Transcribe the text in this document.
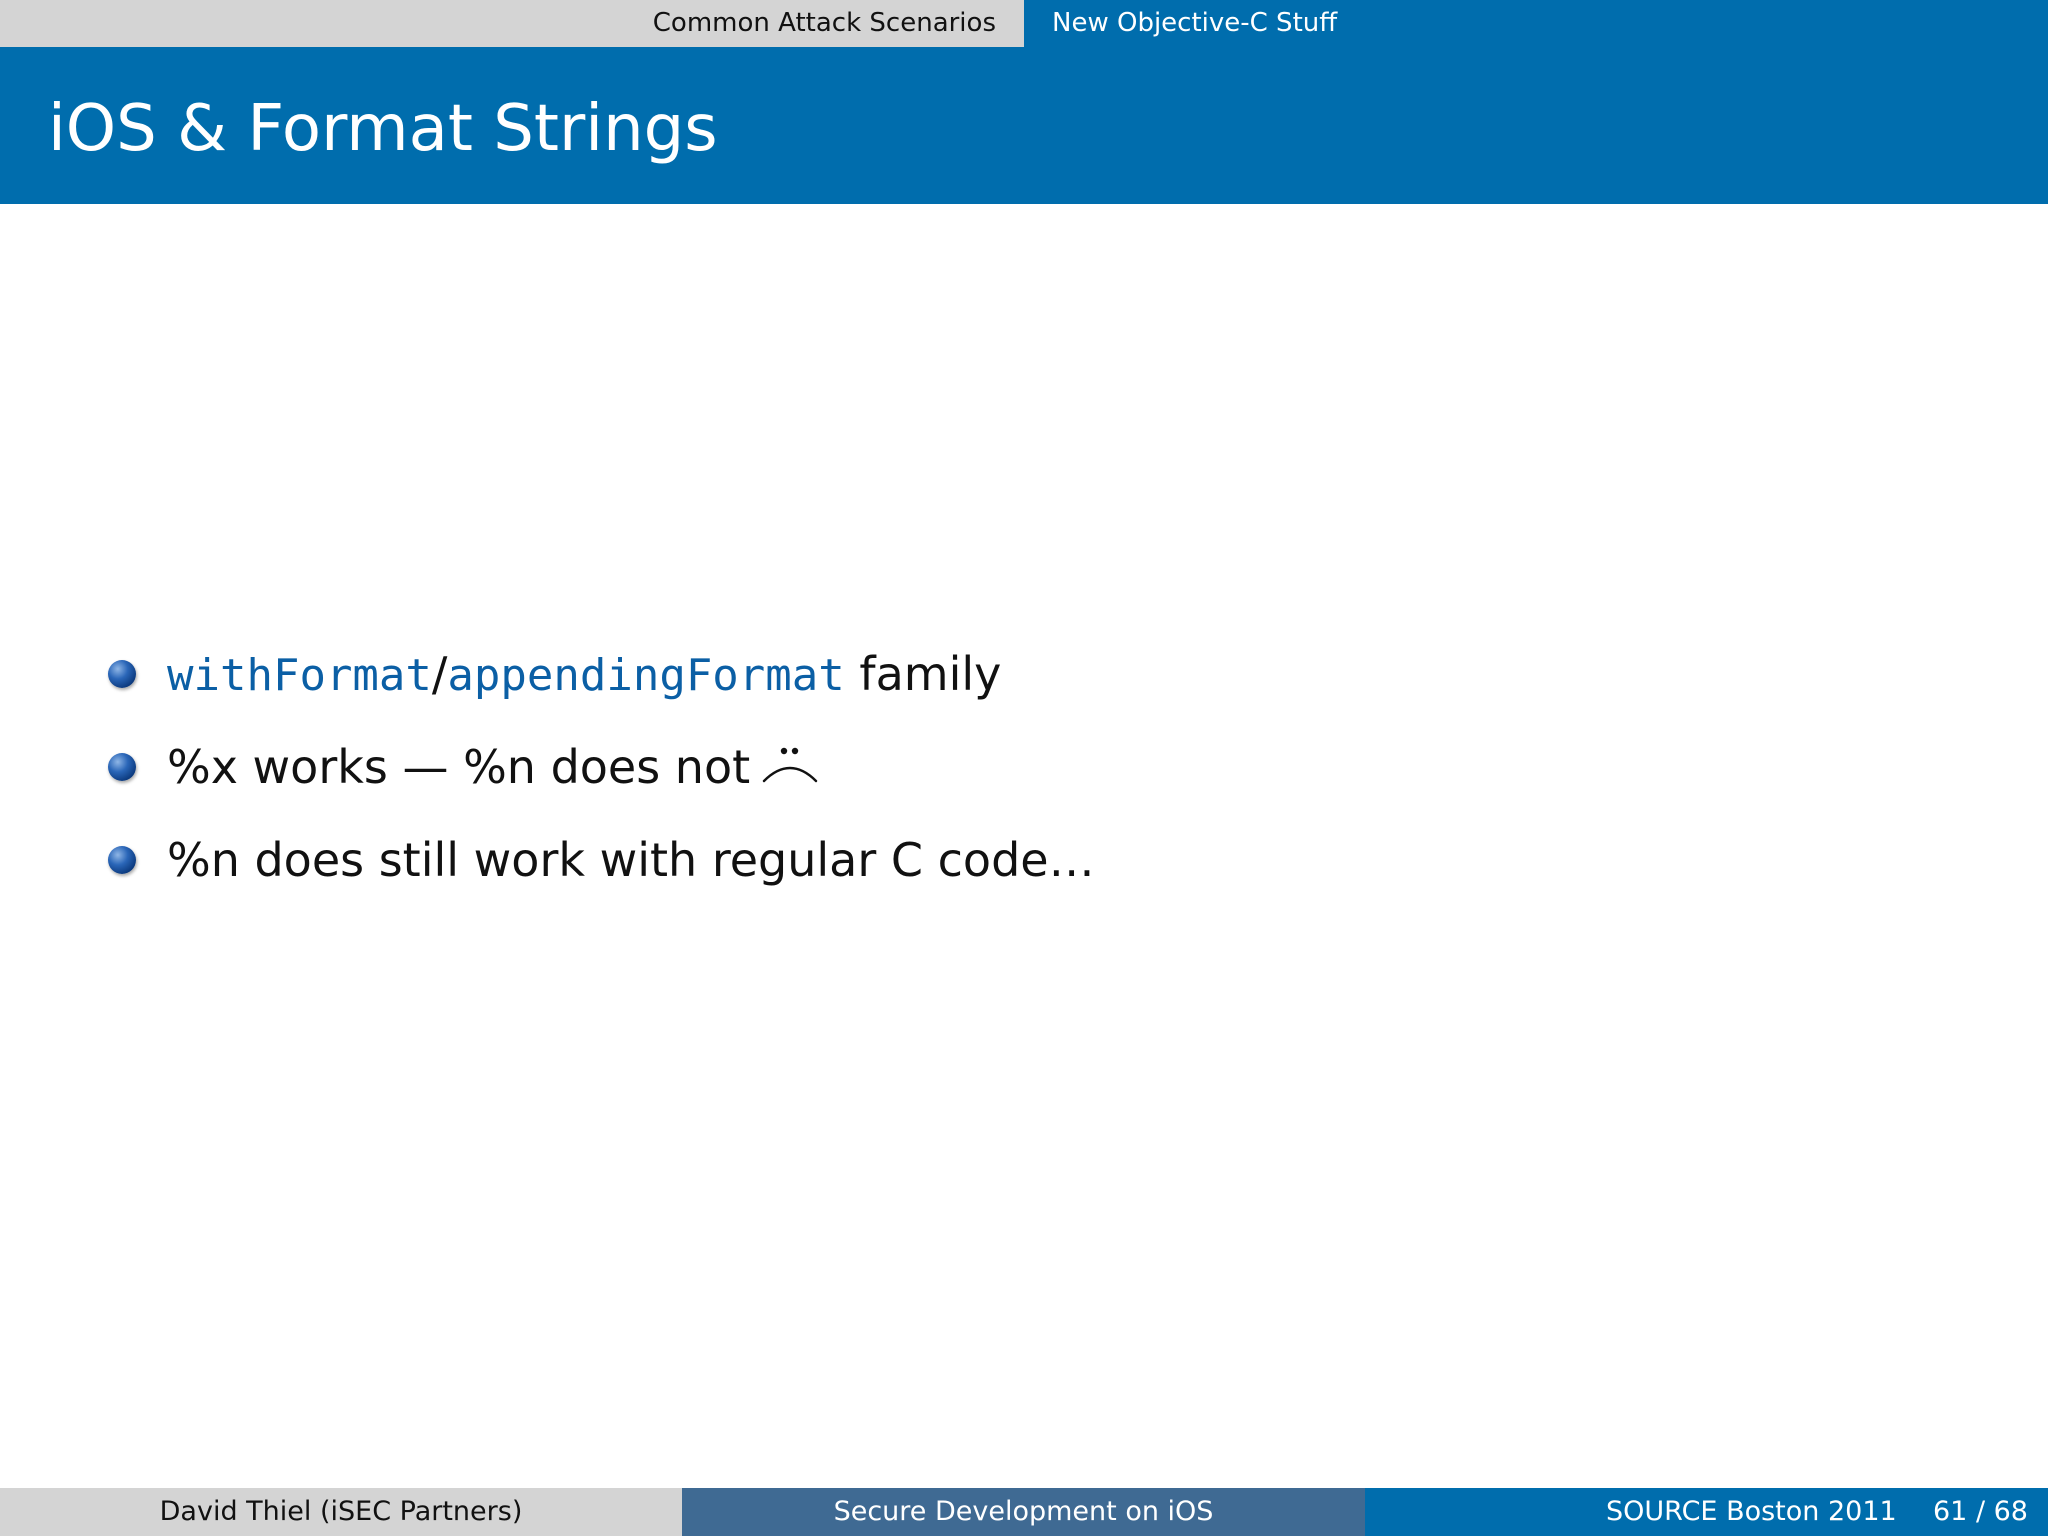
Common Attack Scenarios	New Objective-C Stuff
iOS & Format Strings
withFormat/appendingFormat family
%x works — %n does not
%n does still work with regular C code…
David Thiel (iSEC Partners)	Secure Development on iOS	SOURCE Boston 2011 61 / 68
